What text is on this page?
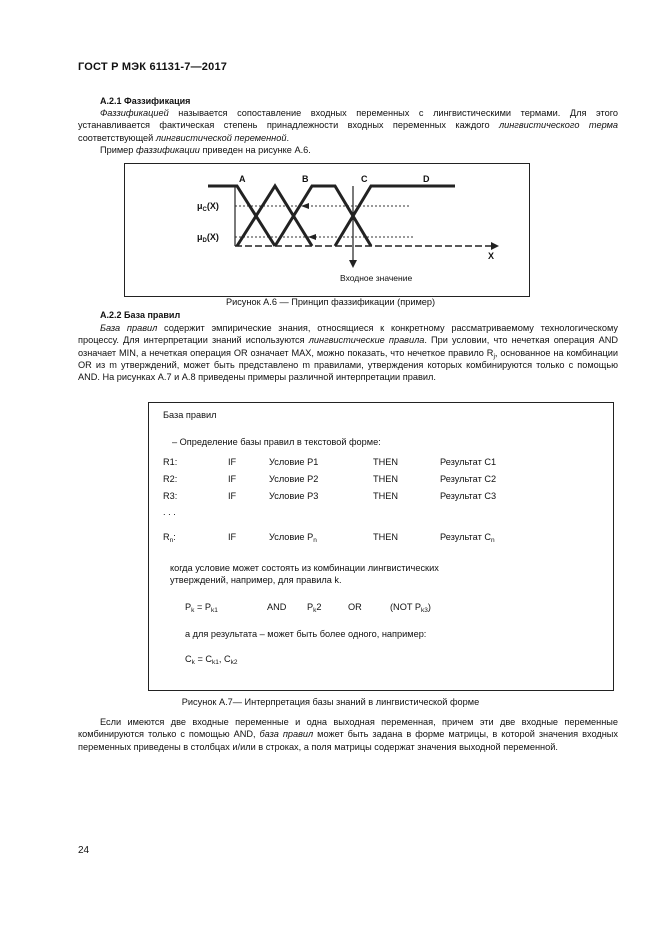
ГОСТ Р МЭК 61131-7—2017
А.2.1 Фаззификация
Фаззификацией называется сопоставление входных переменных с лингвистическими термами. Для этого устанавливается фактическая степень принадлежности входных переменных каждого лингвистического терма соответствующей лингвистической переменной.
Пример фаззификации приведен на рисунке А.6.
A	B	C	D
$\mu_C(X)$
$\mu_D(X)$
X
Входное значение
Рисунок А.6 — Принцип фаззификации (пример)
А.2.2 База правил
База правил содержит эмпирические знания, относящиеся к конкретному рассматриваемому технологическому процессу. Для интерпретации знаний используются лингвистические правила. При условии, что нечеткая операция AND означает MIN, а нечеткая операция OR означает MAX, можно показать, что нечеткое правило $R_j$, основанное на комбинации OR из m утверждений, может быть представлено m правилами, утверждения которых комбинируются только с помощью AND. На рисунках А.7 и А.8 приведены примеры различной интерпретации правил.
База правил
– Определение базы правил в текстовой форме:
R1:	IF	Условие P1	THEN	Результат C1
R2:	IF	Условие P2	THEN	Результат C2
R3:	IF	Условие P3	THEN	Результат C3
. . .
$R_n$:	IF	Условие $P_n$	THEN	Результат $C_n$
когда условие может состоять из комбинации лингвистических
утверждений, например, для правила k.
$P_k = P_{k1}$	AND $P_k2$	OR	(NOT $P_{k3}$)
а для результата – может быть более одного, например:
$C_k = C_{k1}$, $C_{k2}$
Рисунок А.7— Интерпретация базы знаний в лингвистической форме
Если имеются две входные переменные и одна выходная переменная, причем эти две входные переменные комбинируются только с помощью AND, база правил может быть задана в форме матрицы, в которой значения входных переменных приведены в столбцах и/или в строках, а поля матрицы содержат значения выходной переменной.
24
